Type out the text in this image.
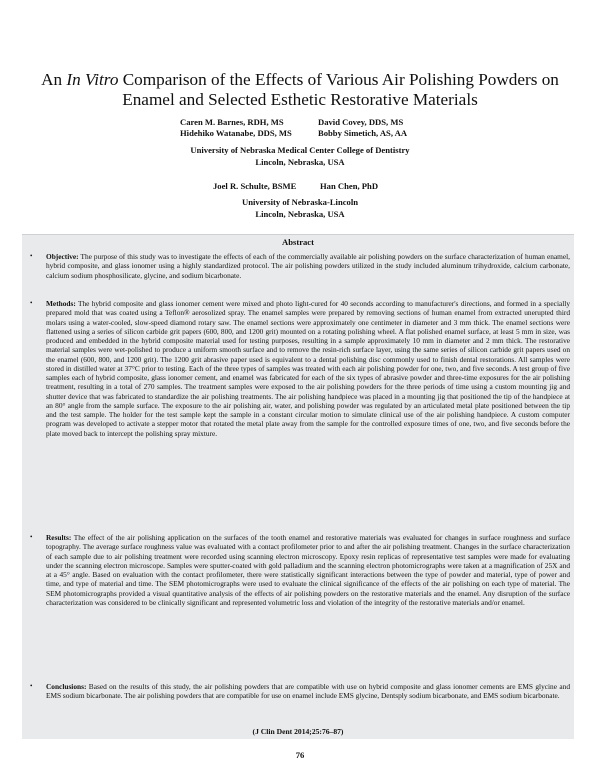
An In Vitro Comparison of the Effects of Various Air Polishing Powders on Enamel and Selected Esthetic Restorative Materials
Caren M. Barnes, RDH, MS	David Covey, DDS, MS
Hidehiko Watanabe, DDS, MS	Bobby Simetich, AS, AA
University of Nebraska Medical Center College of Dentistry
Lincoln, Nebraska, USA
Joel R. Schulte, BSME	Han Chen, PhD
University of Nebraska-Lincoln
Lincoln, Nebraska, USA
Abstract
• Objective: The purpose of this study was to investigate the effects of each of the commercially available air polishing powders on the surface characterization of human enamel, hybrid composite, and glass ionomer using a highly standardized protocol. The air polishing powders utilized in the study included aluminum trihydroxide, calcium carbonate, calcium sodium phosphosilicate, glycine, and sodium bicarbonate.
• Methods: The hybrid composite and glass ionomer cement were mixed and photo light-cured for 40 seconds according to manufacturer's directions, and formed in a specially prepared mold that was coated using a Teflon® aerosolized spray. The enamel samples were prepared by removing sections of human enamel from extracted unerupted third molars using a water-cooled, slow-speed diamond rotary saw. The enamel sections were approximately one centimeter in diameter and 3 mm thick. The enamel sections were flattened using a series of silicon carbide grit papers (600, 800, and 1200 grit) mounted on a rotating polishing wheel. A flat polished enamel surface, at least 5 mm in size, was produced and embedded in the hybrid composite material used for testing purposes, resulting in a sample approximately 10 mm in diameter and 2 mm thick. The restorative material samples were wet-polished to produce a uniform smooth surface and to remove the resin-rich surface layer, using the same series of silicon carbide grit papers used on the enamel (600, 800, and 1200 grit). The 1200 grit abrasive paper used is equivalent to a dental polishing disc commonly used to finish dental restorations. All samples were stored in distilled water at 37°C prior to testing. Each of the three types of samples was treated with each air polishing powder for one, two, and five seconds. A test group of five samples each of hybrid composite, glass ionomer cement, and enamel was fabricated for each of the six types of abrasive powder and three-time exposures for the air polishing treatment, resulting in a total of 270 samples. The treatment samples were exposed to the air polishing powders for the three periods of time using a custom mounting jig and shutter device that was fabricated to standardize the air polishing treatments. The air polishing handpiece was placed in a mounting jig that positioned the tip of the handpiece at an 80° angle from the sample surface. The exposure to the air polishing air, water, and polishing powder was regulated by an articulated metal plate positioned between the tip and the test sample. The holder for the test sample kept the sample in a constant circular motion to simulate clinical use of the air polishing handpiece. A custom computer program was developed to activate a stepper motor that rotated the metal plate away from the sample for the controlled exposure times of one, two, and five seconds before the plate moved back to intercept the polishing spray mixture.
• Results: The effect of the air polishing application on the surfaces of the tooth enamel and restorative materials was evaluated for changes in surface roughness and surface topography. The average surface roughness value was evaluated with a contact profilometer prior to and after the air polishing treatment. Changes in the surface characterization of each sample due to air polishing treatment were recorded using scanning electron microscopy. Epoxy resin replicas of representative test samples were made for evaluating under the scanning electron microscope. Samples were sputter-coated with gold palladium and the scanning electron photomicrographs were taken at a magnification of 25X and at a 45° angle. Based on evaluation with the contact profilometer, there were statistically significant interactions between the type of powder and material, type of power and time, and type of material and time. The SEM photomicrographs were used to evaluate the clinical significance of the effects of the air polishing on each type of material. The SEM photomicrographs provided a visual quantitative analysis of the effects of air polishing powders on the restorative materials and the enamel. Any disruption of the surface characterization was considered to be clinically significant and represented volumetric loss and violation of the integrity of the restorative materials and/or enamel.
• Conclusions: Based on the results of this study, the air polishing powders that are compatible with use on hybrid composite and glass ionomer cements are EMS glycine and EMS sodium bicarbonate. The air polishing powders that are compatible for use on enamel include EMS glycine, Dentsply sodium bicarbonate, and EMS sodium bicarbonate.
(J Clin Dent 2014;25:76–87)
76
